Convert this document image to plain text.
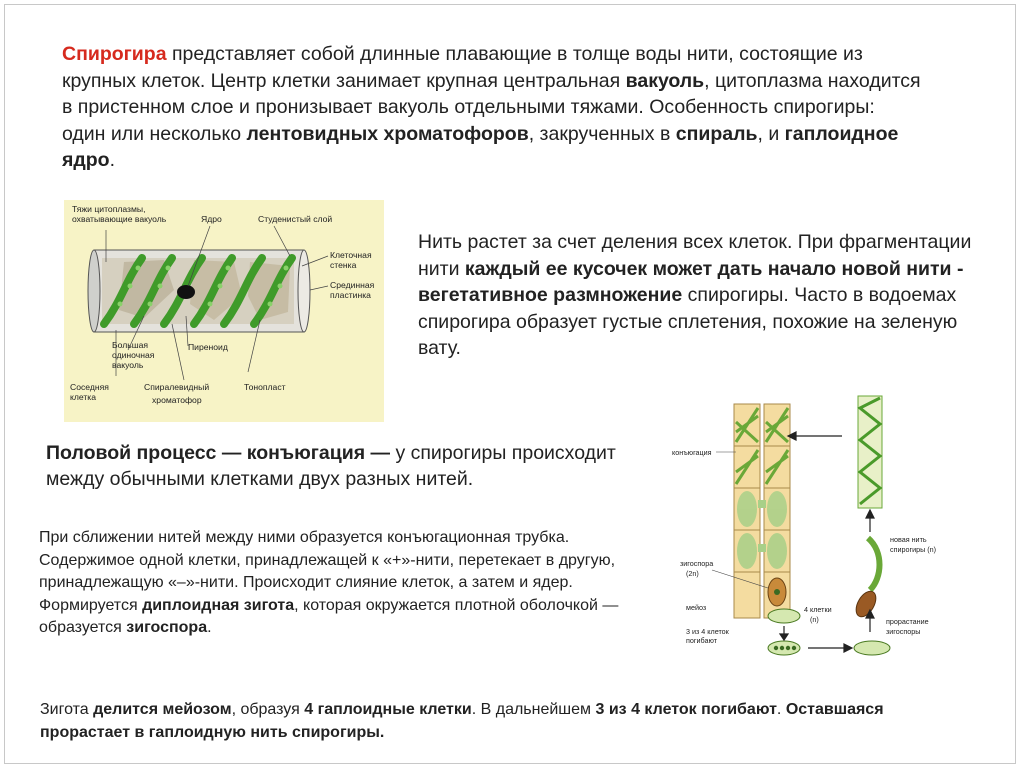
Спирогира представляет собой длинные плавающие в толще воды нити, состоящие из крупных клеток. Центр клетки занимает крупная центральная вакуоль, цитоплазма находится в пристенном слое и пронизывает вакуоль отдельными тяжами. Особенность спирогиры: один или несколько лентовидных хроматофоров, закрученных в спираль, и гаплоидное ядро.

Нить растет за счет деления всех клеток. При фрагментации нити каждый ее кусочек может дать начало новой нити - вегетативное размножение спирогиры. Часто в водоемах спирогира образует густые сплетения, похожие на зеленую вату.

Половой процесс — конъюгация — у спирогиры происходит между обычными клетками двух разных нитей.

При сближении нитей между ними образуется конъюгационная трубка. Содержимое одной клетки, принадлежащей к «+»-нити, перетекает в другую, принадлежащую «–»-нити. Происходит слияние клеток, а затем и ядер. Формируется диплоидная зигота, которая окружается плотной оболочкой — образуется зигоспора.

Зигота делится мейозом, образуя 4 гаплоидные клетки. В дальнейшем 3 из 4 клеток погибают. Оставшаяся прорастает в гаплоидную нить спирогиры.

Тяжи цитоплазмы,
охватывающие вакуоль	Ядро	Студенистый слой
Клеточная
стенка
Срединная
пластинка
Большая
одиночная
вакуоль
Пиреноид
Соседняя
клетка
Спиралевидный
хроматофор
Тонопласт
конъюгация
зигоспора
(2n)
мейоз	4 клетки
(n)
3 из 4 клеток
погибают
новая нить
спирогиры (n)
прорастание
зигоспоры
